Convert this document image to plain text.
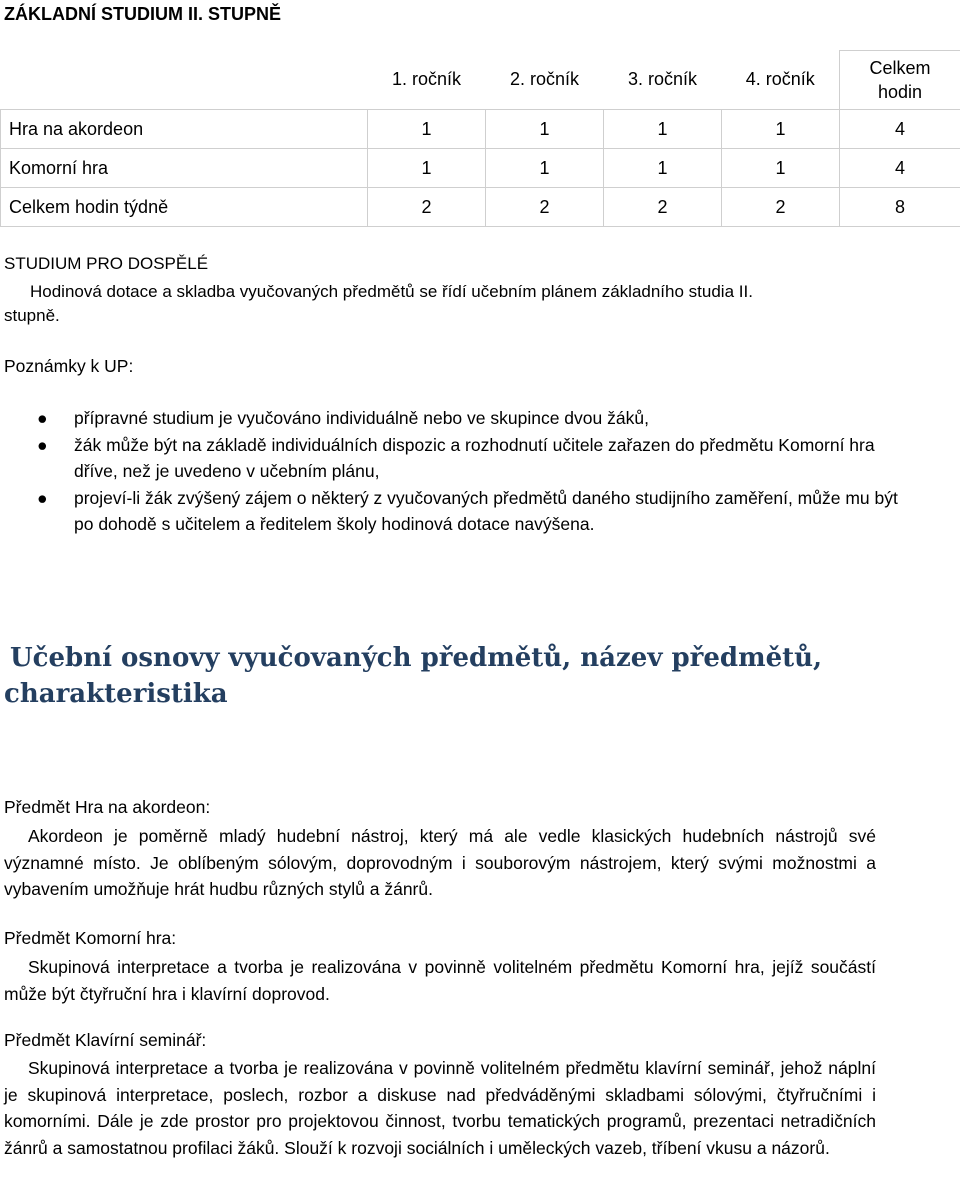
ZÁKLADNÍ STUDIUM II. STUPNĚ
	1. ročník	2. ročník	3. ročník	4. ročník	Celkem
hodin
Hra na akordeon	1	1	1	1	4
Komorní hra	1	1	1	1	4
Celkem hodin týdně	2	2	2	2	8
STUDIUM PRO DOSPĚLÉ
Hodinová dotace a skladba vyučovaných předmětů se řídí učebním plánem základního studia II.
stupně.
Poznámky k UP:
● přípravné studium je vyučováno individuálně nebo ve skupince dvou žáků,
● žák může být na základě individuálních dispozic a rozhodnutí učitele zařazen do předmětu Komorní hra dříve, než je uvedeno v učebním plánu,
● projeví-li žák zvýšený zájem o některý z vyučovaných předmětů daného studijního zaměření, může mu být po dohodě s učitelem a ředitelem školy hodinová dotace navýšena.
Učební osnovy vyučovaných předmětů, název předmětů,
charakteristika
Předmět Hra na akordeon:
Akordeon je poměrně mladý hudební nástroj, který má ale vedle klasických hudebních nástrojů své významné místo. Je oblíbeným sólovým, doprovodným i souborovým nástrojem, který svými možnostmi a vybavením umožňuje hrát hudbu různých stylů a žánrů.
Předmět Komorní hra:
Skupinová interpretace a tvorba je realizována v povinně volitelném předmětu Komorní hra, jejíž součástí může být čtyřruční hra i klavírní doprovod.
Předmět Klavírní seminář:
Skupinová interpretace a tvorba je realizována v povinně volitelném předmětu klavírní seminář, jehož náplní je skupinová interpretace, poslech, rozbor a diskuse nad předváděnými skladbami sólovými, čtyřručními i komorními. Dále je zde prostor pro projektovou činnost, tvorbu tematických programů, prezentaci netradičních žánrů a samostatnou profilaci žáků. Slouží k rozvoji sociálních i uměleckých vazeb, tříbení vkusu a názorů.
